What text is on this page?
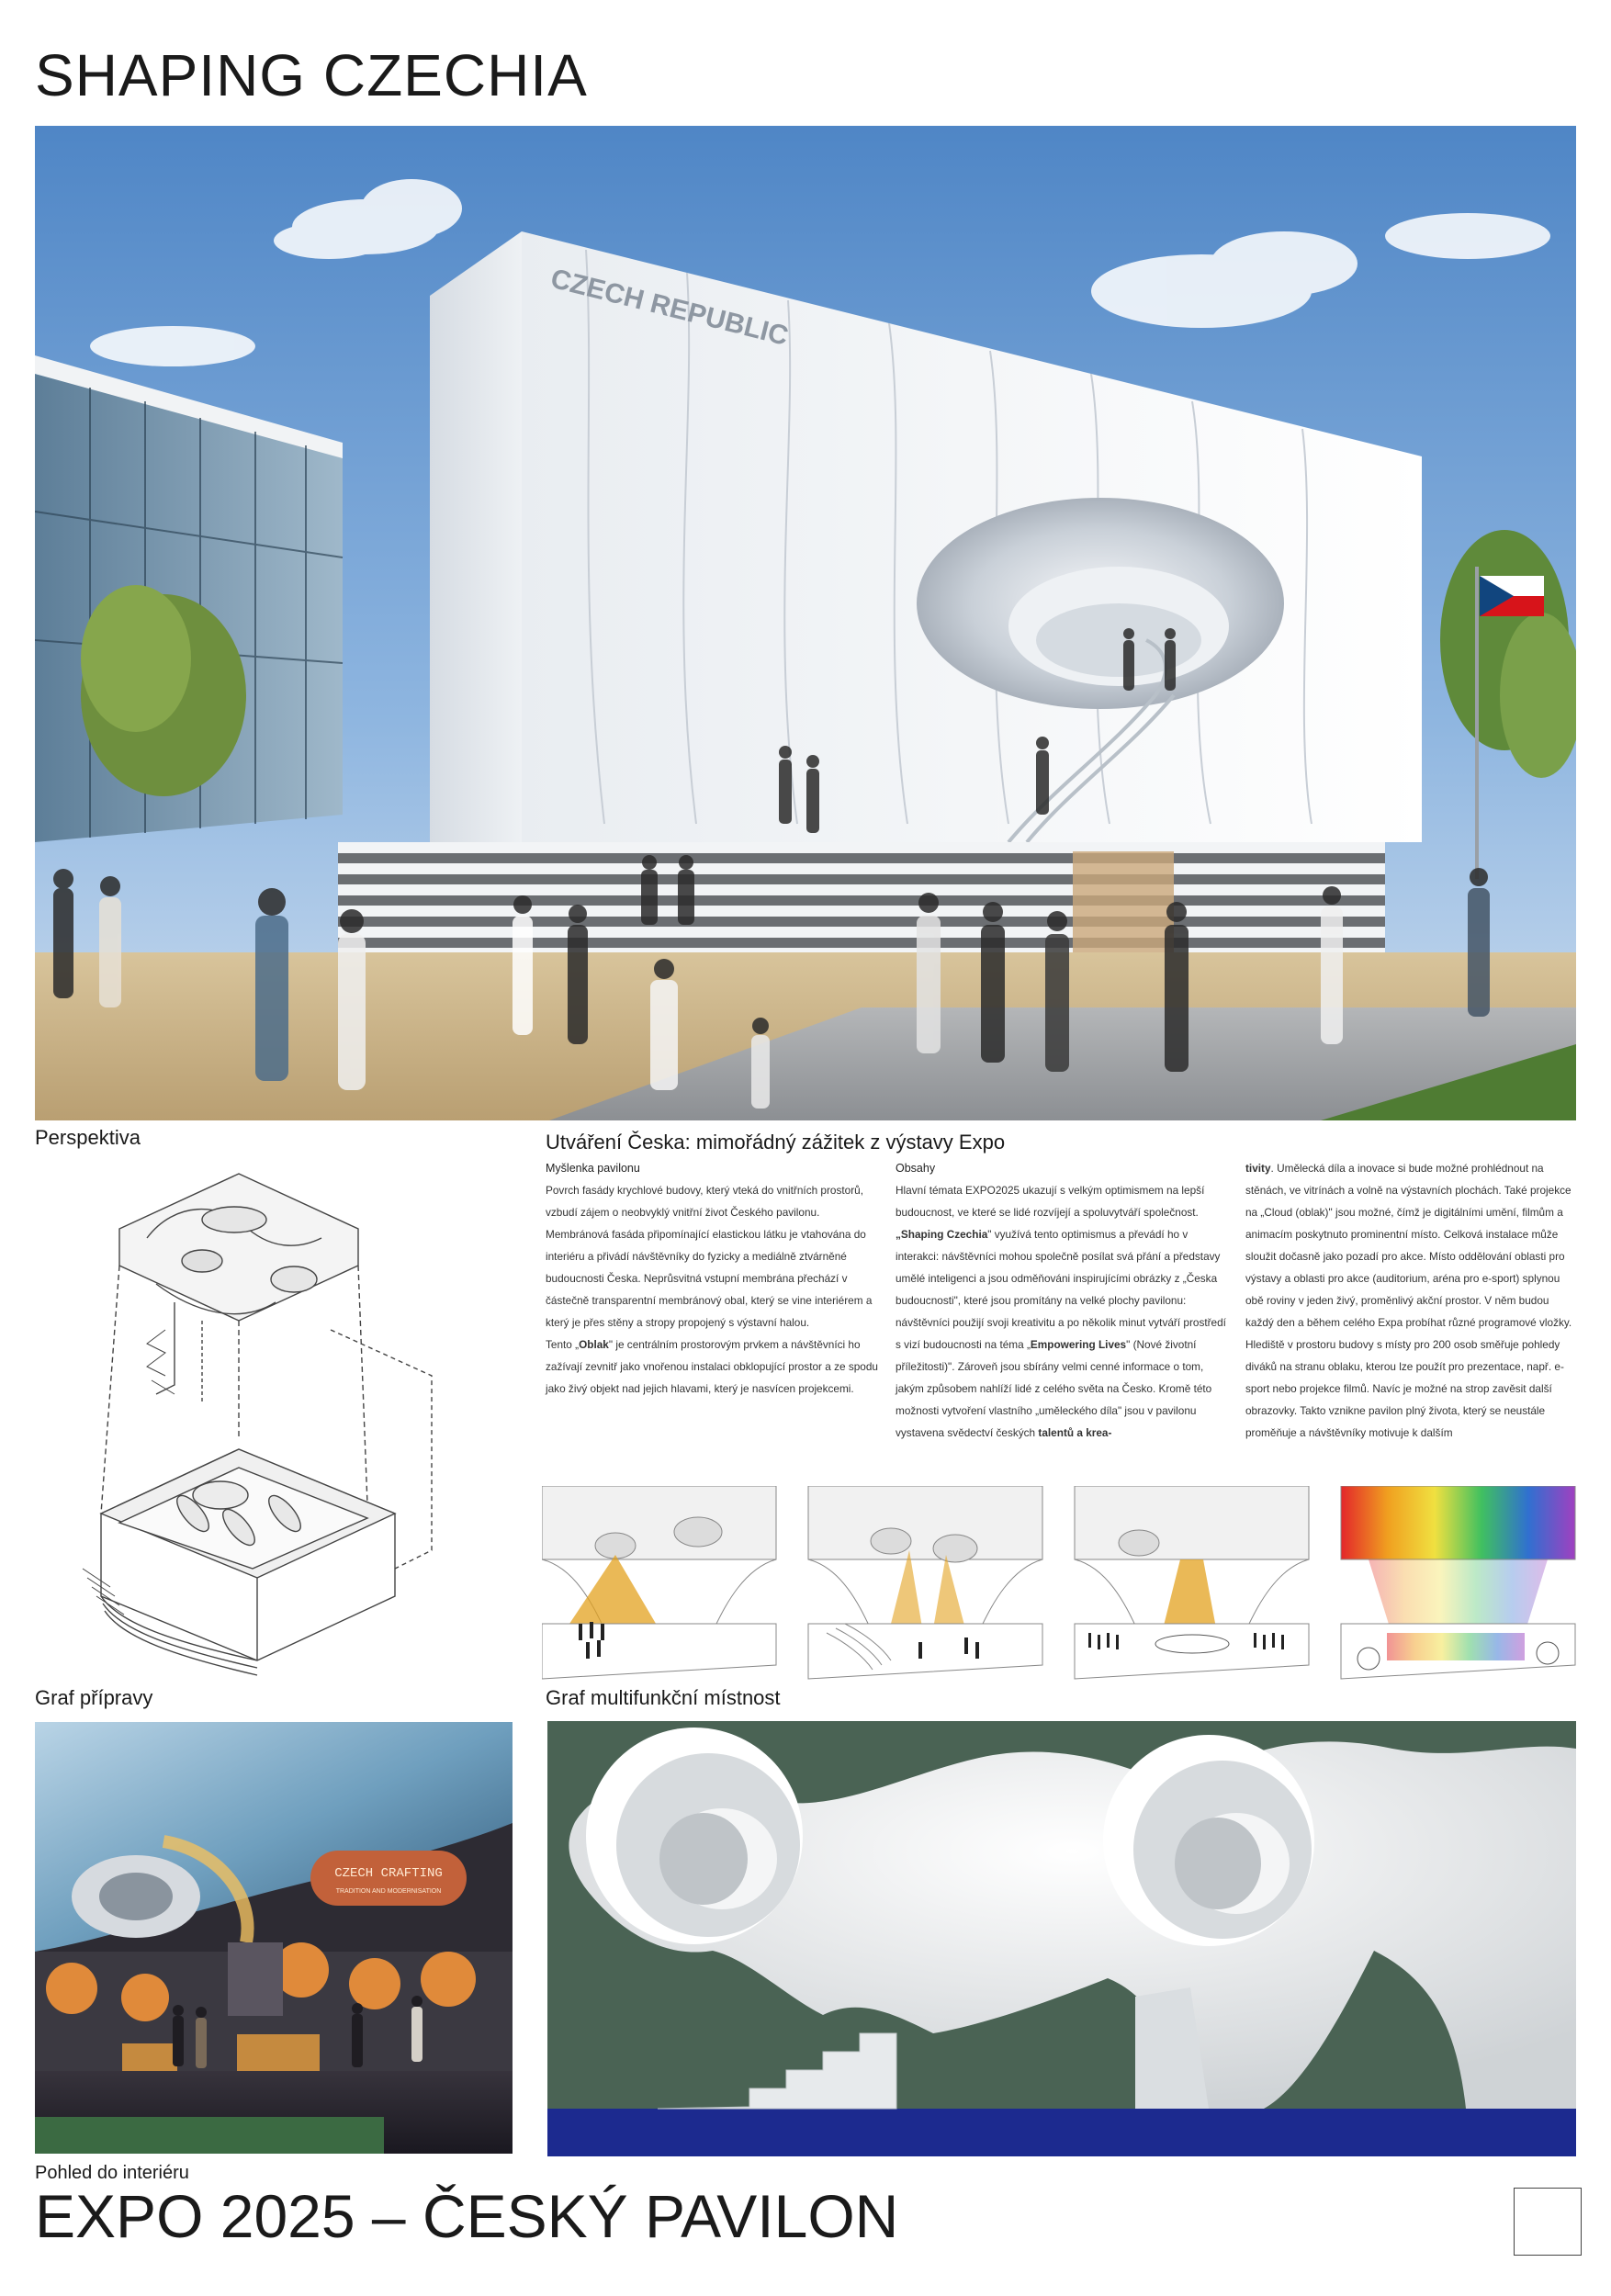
SHAPING CZECHIA
CZECH REPUBLIC
Perspektiva
Graf přípravy
Utváření Česka: mimořádný zážitek z výstavy Expo
Myšlenka pavilonu

Povrch fasády krychlové budovy, který vteká do vnitřních prostorů, vzbudí zájem o neobvyklý vnitřní život Českého pavilonu. Membránová fasáda připomínající elastickou látku je vtahována do interiéru a přivádí návštěvníky do fyzicky a mediálně ztvárněné budoucnosti Česka. Neprůsvitná vstupní membrána přechází v částečně transparentní membránový obal, který se vine interiérem a který je přes stěny a stropy propojený s výstavní halou.

Tento „Oblak" je centrálním prostorovým prvkem a návštěvníci ho zažívají zevnitř jako vnořenou instalaci obklopující prostor a ze spodu jako živý objekt nad jejich hlavami, který je nasvícen projekcemi.

Obsahy

Hlavní témata EXPO2025 ukazují s velkým optimismem na lepší budoucnost, ve které se lidé rozvíjejí a spoluvytváří společnost.

„Shaping Czechia" využívá tento optimismus a převádí ho v interakci: návštěvníci mohou společně posílat svá přání a představy umělé inteligenci a jsou odměňováni inspirujícími obrázky z „Česka budoucnosti", které jsou promítány na velké plochy pavilonu: návštěvníci použijí svoji kreativitu a po několik minut vytváří prostředí s vizí budoucnosti na téma „Empowering Lives" (Nové životní příležitosti)". Zároveň jsou sbírány velmi cenné informace o tom, jakým způsobem nahlíží lidé z celého světa na Česko. Kromě této možnosti vytvoření vlastního „uměleckého díla" jsou v pavilonu vystavena svědectví českých talentů a krea-

tivity. Umělecká díla a inovace si bude možné prohlédnout na stěnách, ve vitrínách a volně na výstavních plochách. Také projekce na „Cloud (oblak)" jsou možné, čímž je digitálními umění, filmům a animacím poskytnuto prominentní místo. Celková instalace může sloužit dočasně jako pozadí pro akce. Místo oddělování oblasti pro výstavy a oblasti pro akce (auditorium, aréna pro e-sport) splynou obě roviny v jeden živý, proměnlivý akční prostor. V něm budou každý den a během celého Expa probíhat různé programové vložky. Hlediště v prostoru budovy s místy pro 200 osob směřuje pohledy diváků na stranu oblaku, kterou lze použít pro prezentace, např. e-sport nebo projekce filmů. Navíc je možné na strop zavěsit další obrazovky. Takto vznikne pavilon plný života, který se neustále proměňuje a návštěvníky motivuje k dalším

Graf multifunkční místnost
CZECH CRAFTING
TRADITION AND MODERNISATION
Pohled do interiéru
EXPO 2025 – ČESKÝ PAVILON
